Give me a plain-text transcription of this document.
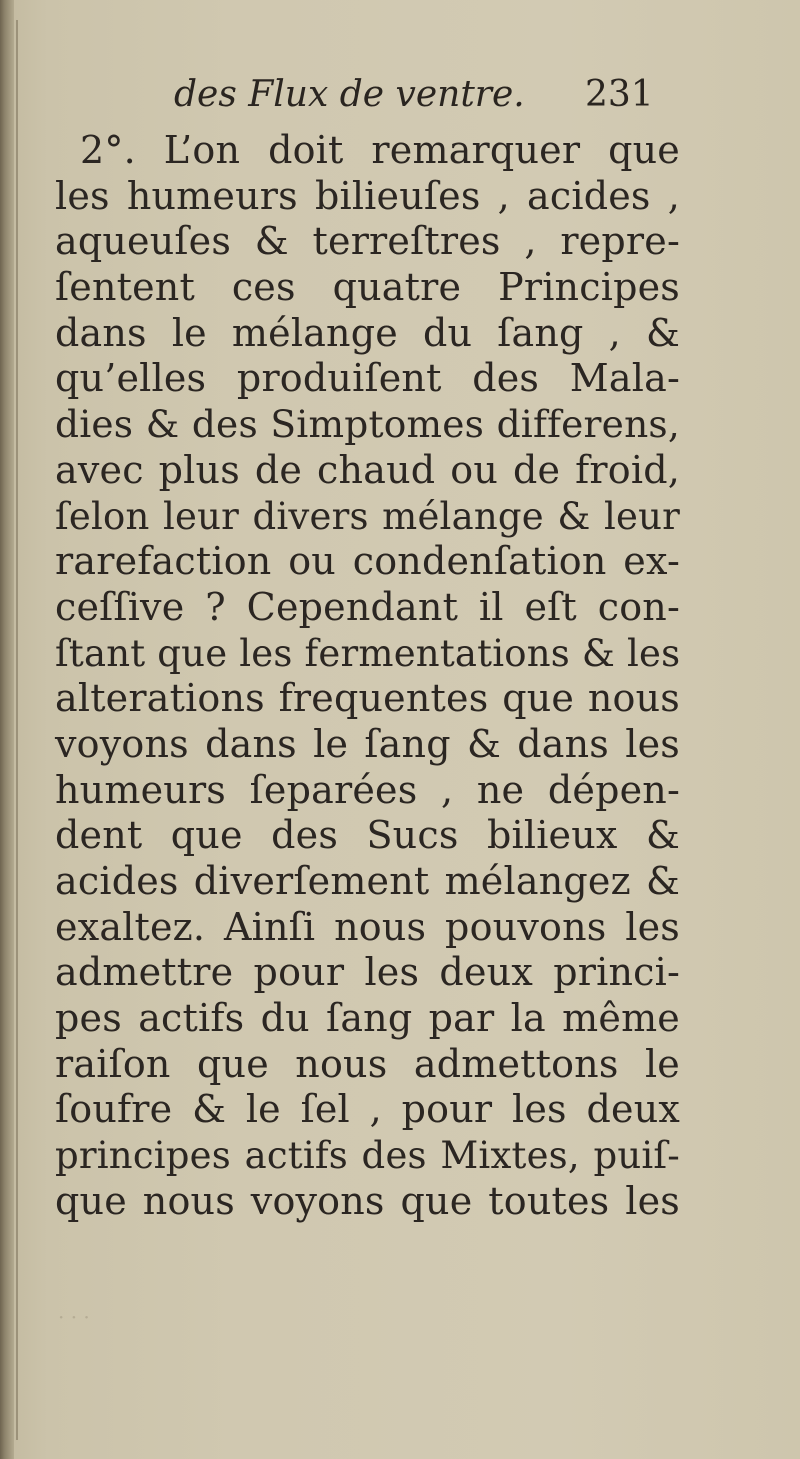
des Flux de ventre. 231
2°. L’on doit remarquer que
les humeurs bilieuſes , acides ,
aqueuſes & terreſtres , repre-
ſentent ces quatre Principes
dans le mélange du ſang , &
qu’elles produiſent des Mala-
dies & des Simptomes differens,
avec plus de chaud ou de froid,
ſelon leur divers mélange & leur
rarefaction ou condenſation ex-
ceſſive ? Cependant il eſt con-
ſtant que les fermentations & les
alterations frequentes que nous
voyons dans le ſang & dans les
humeurs ſeparées , ne dépen-
dent que des Sucs bilieux &
acides diverſement mélangez &
exaltez. Ainſi nous pouvons les
admettre pour les deux princi-
pes actifs du ſang par la même
raiſon que nous admettons le
ſoufre & le ſel , pour les deux
principes actifs des Mixtes, puiſ-
que nous voyons que toutes les
· · ·
